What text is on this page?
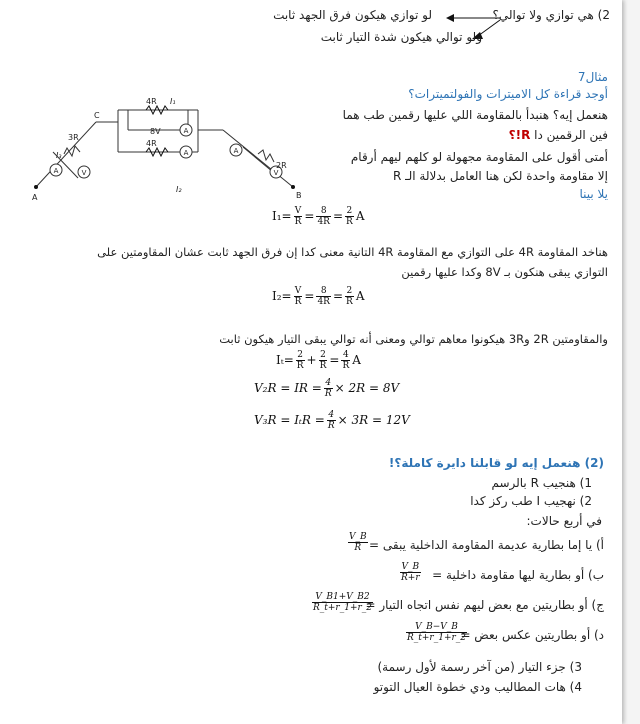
2) هي توازي ولا توالي؟
لو توازي هيكون فرق الجهد ثابت
ولو توالي هيكون شدة التيار ثابت
مثال7
أوجد قراءة كل الاميترات والفولتميترات؟
هنعمل إيه؟ هنبدأ بالمقاومة اللي عليها رقمين طب هما
فين الرقمين دا R!؟
أمتى أقول على المقاومة مجهولة لو كلهم ليهم أرقام
إلا مقاومة واحدة لكن هنا العامل بدلالة الـ R
يلا بينا
A	V
A
A	A
V
4R
4R
3R
2R
8V
I₁
I₂
I₃
A	B
C
$I_1= \frac{V}{R} = \frac{8}{4R} = \frac{2}{R}$ A
هناخد المقاومة 4R على التوازي مع المقاومة 4R التانية معنى كدا إن فرق الجهد ثابت عشان المقاومتين على
التوازي يبقى هنكون بـ 8V وكدا عليها رقمين
$I_2= \frac{V}{R} = \frac{8}{4R} = \frac{2}{R}$ A
والمقاومتين 2R و3R هيكونوا معاهم توالي ومعنى أنه توالي يبقى التيار هيكون ثابت
$I_t= \frac{2}{R} + \frac{2}{R} = \frac{4}{R}$ A
V₂R = IR = $\frac{4}{R} \times 2R = 8V$
$V_3R = I_tR = \frac{4}{R} \times 3R = 12V$
(2) هنعمل إيه لو قابلنا دايرة كاملة؟!
1) هنجيب R بالرسم
2) نهجيب I طب ركز كدا
في أربع حالات:
أ) يا إما بطارية عديمة المقاومة الداخلية يبقى =
$\frac{V\_B}{R}$
ب) أو بطارية ليها مقاومة داخلية =
$\frac{V\_B}{R+r}$
ج) أو بطاريتين مع بعض ليهم نفس اتجاه التيار =
$\frac{V\_B1+V\_B2}{R\_t+r\_1+r\_2}$
د) أو بطاريتين عكس بعض =
$\frac{V\_B-V\_B}{R\_t+r\_1+r\_2}$
3) جزء التيار (من آخر رسمة لأول رسمة)
4) هات المطاليب ودي خطوة العيال التوتو
